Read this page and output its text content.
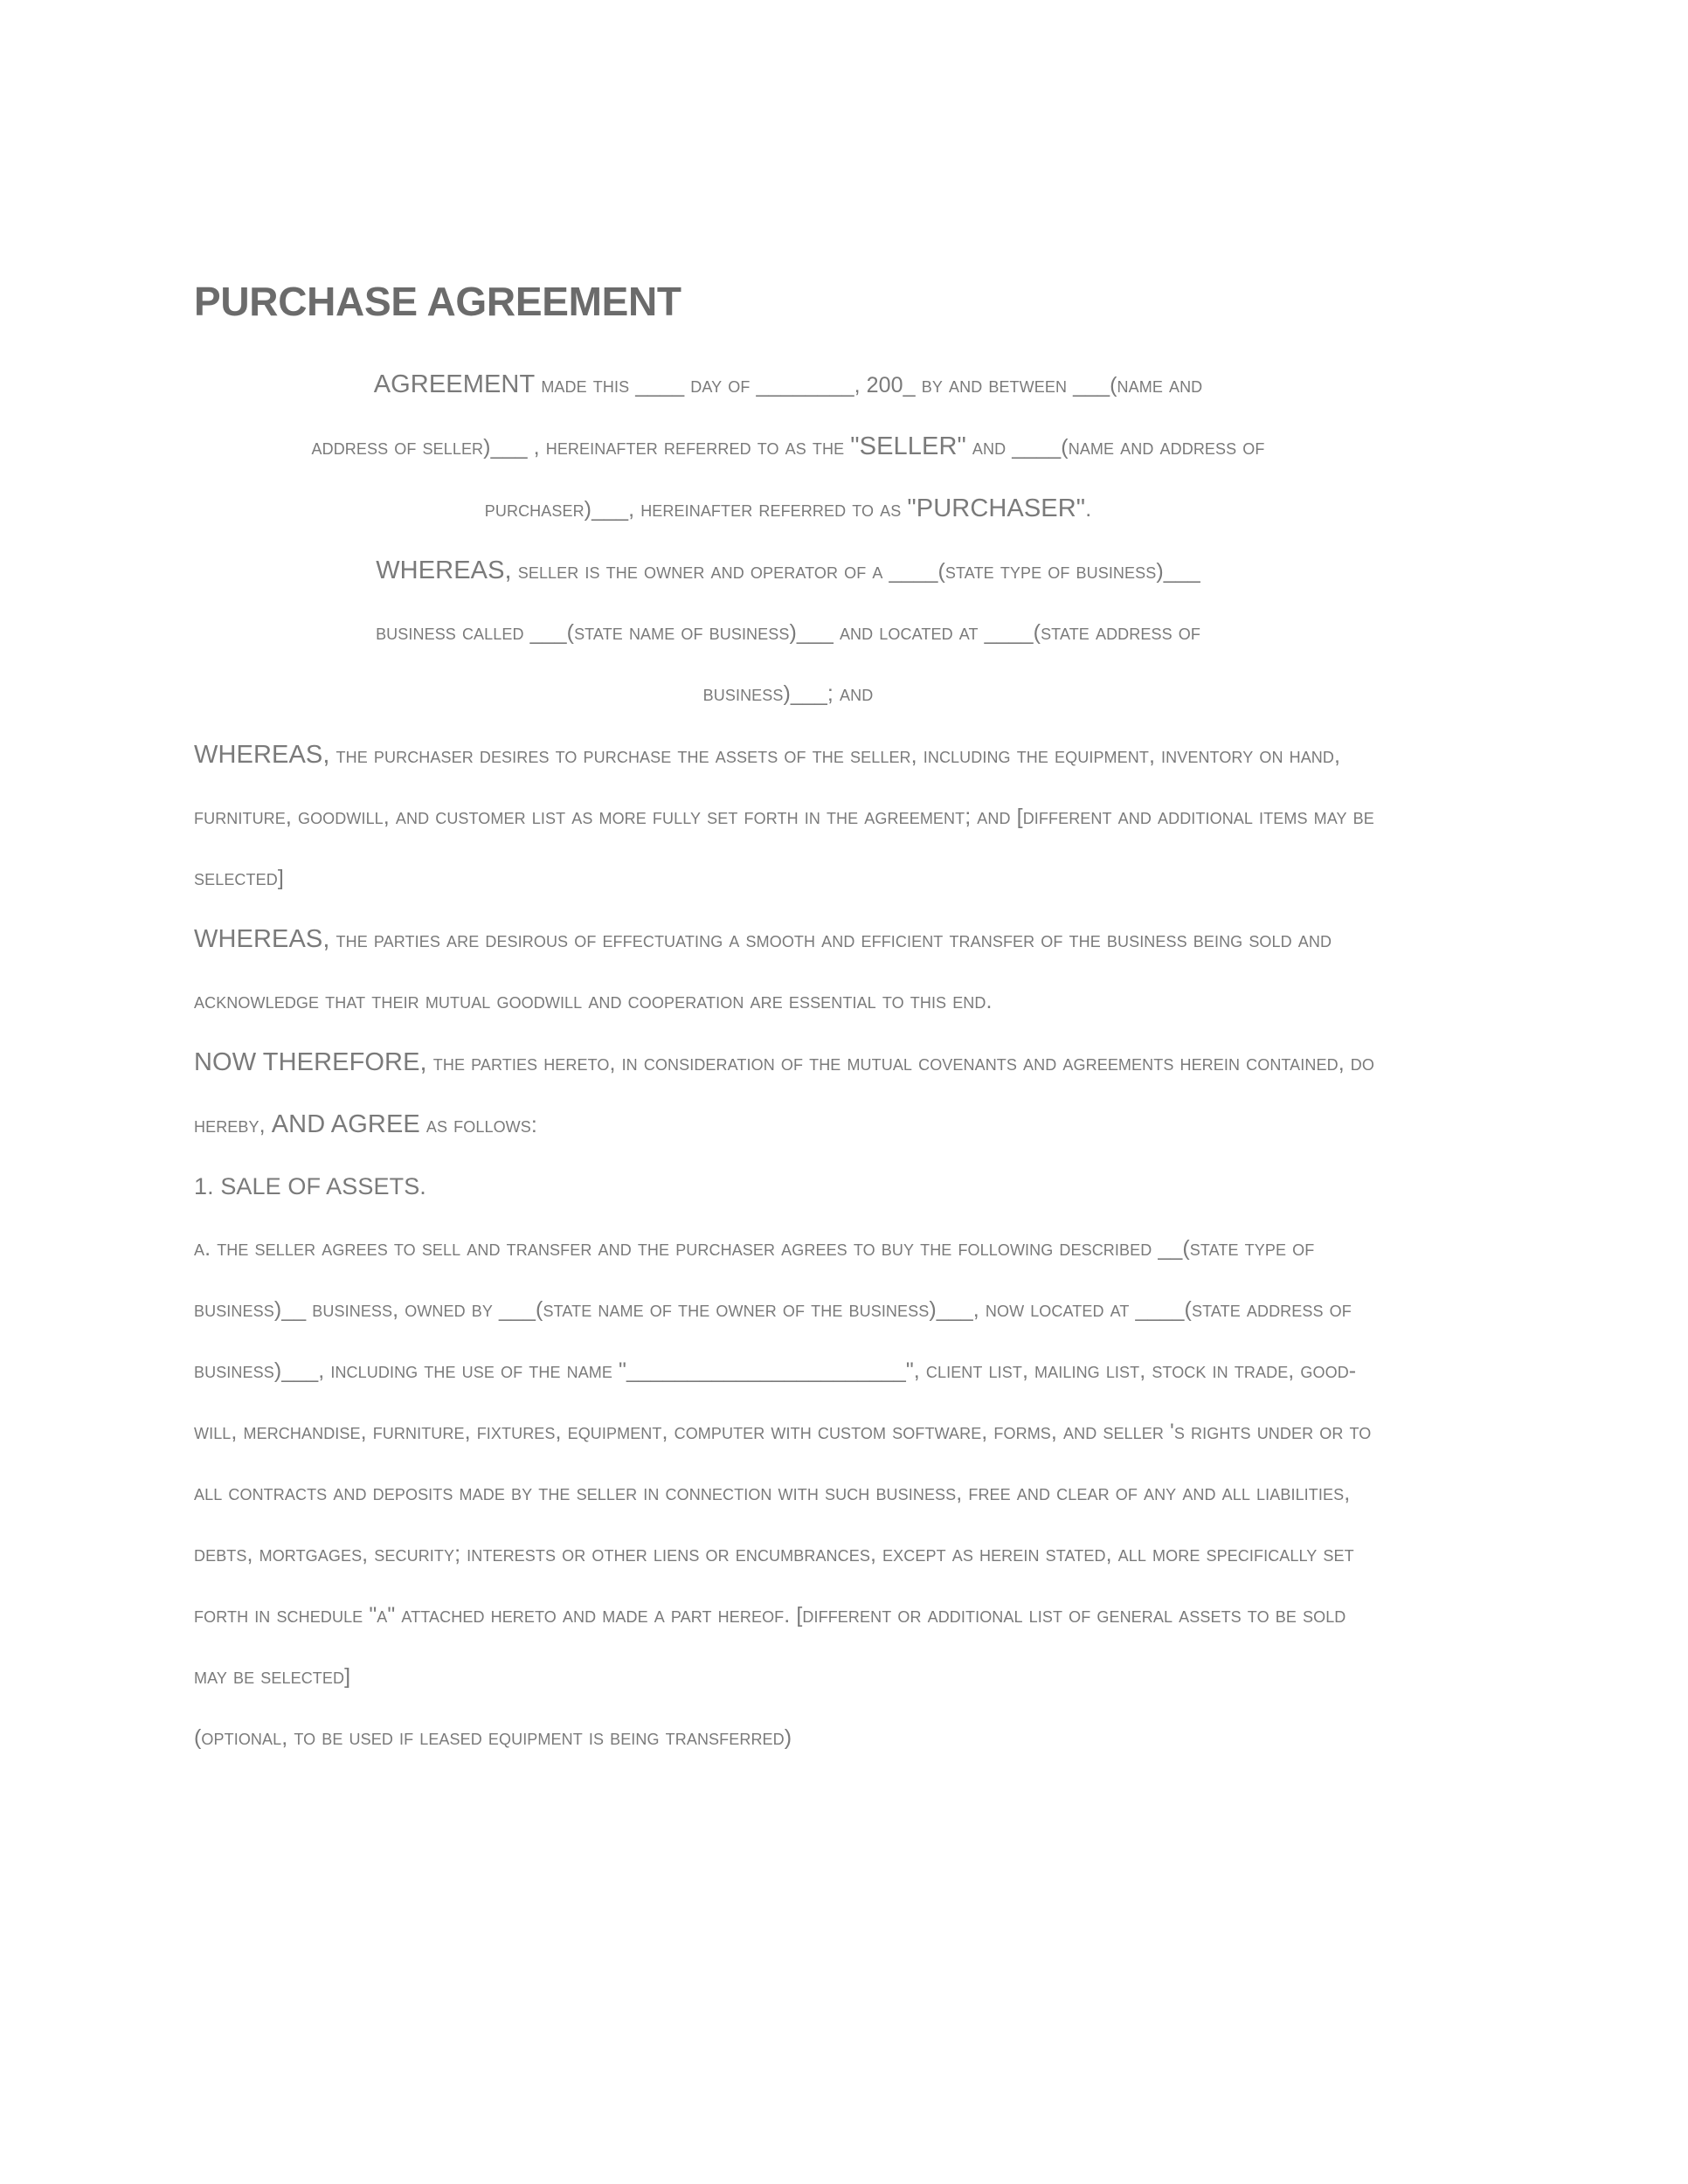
PURCHASE AGREEMENT

AGREEMENT made this ____ day of ________, 200_ by and between ___(name and

address of seller)___ , hereinafter referred to as the "SELLER" and ____(name and address of

purchaser)___, hereinafter referred to as "PURCHASER".

WHEREAS, seller is the owner and operator of a ____(state type of business)___

business called ___(state name of business)___ and located at ____(state address of

business)___; and

WHEREAS, the purchaser desires to purchase the assets of the seller, including the equipment, inventory on hand, furniture, goodwill, and customer list as more fully set forth in the agreement; and [different and additional items may be selected]

WHEREAS, the parties are desirous of effectuating a smooth and efficient transfer of the business being sold and acknowledge that their mutual goodwill and cooperation are essential to this end.

NOW THEREFORE, the parties hereto, in consideration of the mutual covenants and agreements herein contained, do hereby, AND AGREE as follows:

1. SALE OF ASSETS.

a. the seller agrees to sell and transfer and the purchaser agrees to buy the following described __(state type of business)__ business, owned by ___(state name of the owner of the business)___, now located at ____(state address of business)___, including the use of the name "_______________________", client list, mailing list, stock in trade, good-will, merchandise, furniture, fixtures, equipment, computer with custom software, forms, and seller 's rights under or to all contracts and deposits made by the seller in connection with such business, free and clear of any and all liabilities, debts, mortgages, security; interests or other liens or encumbrances, except as herein stated, all more specifically set forth in schedule "a" attached hereto and made a part hereof. [different or additional list of general assets to be sold may be selected]

(optional, to be used if leased equipment is being transferred)
